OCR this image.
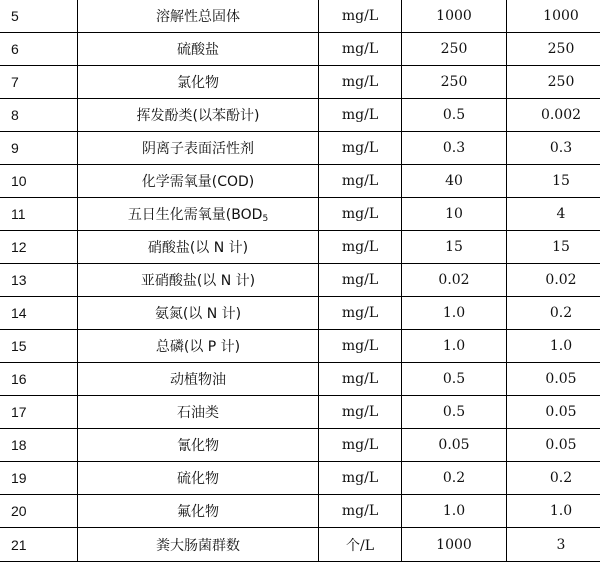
5	溶解性总固体	mg/L	1000	1000
6	硫酸盐	mg/L	250	250
7	氯化物	mg/L	250	250
8	挥发酚类(以苯酚计)	mg/L	0.5	0.002
9	阴离子表面活性剂	mg/L	0.3	0.3
10	化学需氧量(COD)	mg/L	40	15
11	五日生化需氧量($BOD_5$	mg/L	10	4
12	硝酸盐(以 N 计)	mg/L	15	15
13	亚硝酸盐(以 N 计)	mg/L	0.02	0.02
14	氨氮(以 N 计)	mg/L	1.0	0.2
15	总磷(以 P 计)	mg/L	1.0	1.0
16	动植物油	mg/L	0.5	0.05
17	石油类	mg/L	0.5	0.05
18	氰化物	mg/L	0.05	0.05
19	硫化物	mg/L	0.2	0.2
20	氟化物	mg/L	1.0	1.0
21	粪大肠菌群数	个/L	1000	3
